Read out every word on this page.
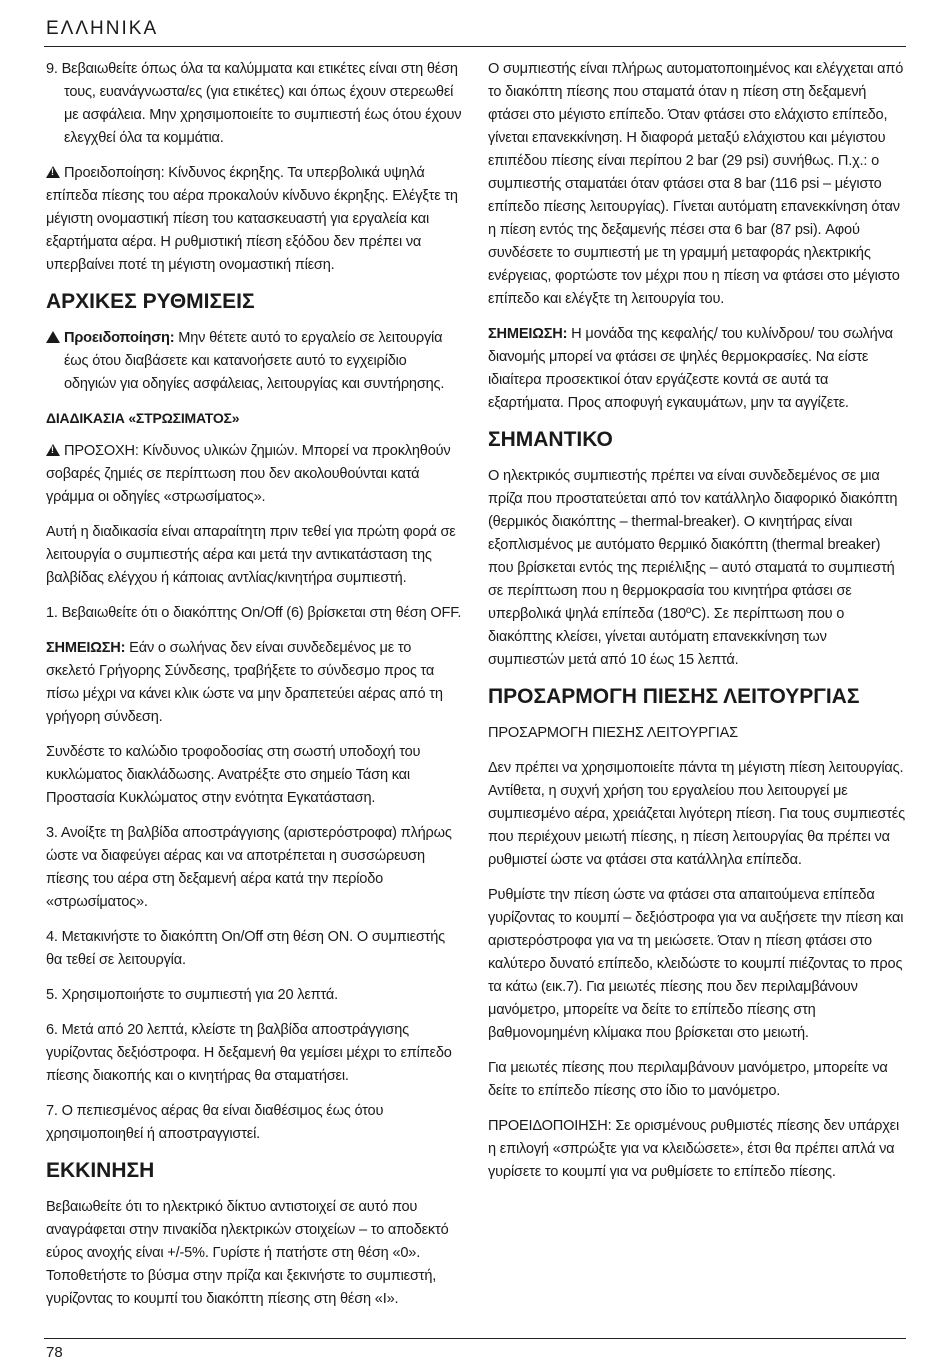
ΕΛΛΗΝΙΚΑ

9. Βεβαιωθείτε όπως όλα τα καλύμματα και ετικέτες είναι στη θέση τους, ευανάγνωστα/ες (για ετικέτες) και όπως έχουν στερεωθεί με ασφάλεια. Μην χρησιμοποιείτε το συμπιεστή έως ότου έχουν ελεγχθεί όλα τα κομμάτια.

!Προειδοποίηση: Κίνδυνος έκρηξης. Τα υπερβολικά υψηλά επίπεδα πίεσης του αέρα προκαλούν κίνδυνο έκρηξης. Ελέγξτε τη μέγιστη ονομαστική πίεση του κατασκευαστή για εργαλεία και εξαρτήματα αέρα. Η ρυθμιστική πίεση εξόδου δεν πρέπει να υπερβαίνει ποτέ τη μέγιστη ονομαστική πίεση.

ΑΡΧΙΚΕΣ ΡΥΘΜΙΣΕΙΣ

!Προειδοποίηση: Μην θέτετε αυτό το εργαλείο σε λειτουργία έως ότου διαβάσετε και κατανοήσετε αυτό το εγχειρίδιο οδηγιών για οδηγίες ασφάλειας, λειτουργίας και συντήρησης.

ΔΙΑΔΙΚΑΣΙΑ «ΣΤΡΩΣΙΜΑΤΟΣ»

!ΠΡΟΣΟΧΗ: Κίνδυνος υλικών ζημιών. Μπορεί να προκληθούν σοβαρές ζημιές σε περίπτωση που δεν ακολουθούνται κατά γράμμα οι οδηγίες «στρωσίματος».

Αυτή η διαδικασία είναι απαραίτητη πριν τεθεί για πρώτη φορά σε λειτουργία ο συμπιεστής αέρα και μετά την αντικατάσταση της βαλβίδας ελέγχου ή κάποιας αντλίας/κινητήρα συμπιεστή.

1. Βεβαιωθείτε ότι ο διακόπτης On/Off (6) βρίσκεται στη θέση OFF.

ΣΗΜΕΙΩΣΗ: Εάν ο σωλήνας δεν είναι συνδεδεμένος με το σκελετό Γρήγορης Σύνδεσης, τραβήξετε το σύνδεσμο προς τα πίσω μέχρι να κάνει κλικ ώστε να μην δραπετεύει αέρας από τη γρήγορη σύνδεση.

Συνδέστε το καλώδιο τροφοδοσίας στη σωστή υποδοχή του κυκλώματος διακλάδωσης. Ανατρέξτε στο σημείο Τάση και Προστασία Κυκλώματος στην ενότητα Εγκατάσταση.

3. Ανοίξτε τη βαλβίδα αποστράγγισης (αριστερόστροφα) πλήρως ώστε να διαφεύγει αέρας και να αποτρέπεται η συσσώρευση πίεσης του αέρα στη δεξαμενή αέρα κατά την περίοδο «στρωσίματος».

4. Μετακινήστε το διακόπτη On/Off στη θέση ON. Ο συμπιεστής θα τεθεί σε λειτουργία.

5. Χρησιμοποιήστε το συμπιεστή για 20 λεπτά.

6. Μετά από 20 λεπτά, κλείστε τη βαλβίδα αποστράγγισης γυρίζοντας δεξιόστροφα. Η δεξαμενή θα γεμίσει μέχρι το επίπεδο πίεσης διακοπής και ο κινητήρας θα σταματήσει.

7. Ο πεπιεσμένος αέρας θα είναι διαθέσιμος έως ότου χρησιμοποιηθεί ή αποστραγγιστεί.

ΕΚΚΙΝΗΣΗ

Βεβαιωθείτε ότι το ηλεκτρικό δίκτυο αντιστοιχεί σε αυτό που αναγράφεται στην πινακίδα ηλεκτρικών στοιχείων – το αποδεκτό εύρος ανοχής είναι +/-5%. Γυρίστε ή πατήστε στη θέση «0». Τοποθετήστε το βύσμα στην πρίζα και ξεκινήστε το συμπιεστή, γυρίζοντας το κουμπί του διακόπτη πίεσης στη θέση «I».

Ο συμπιεστής είναι πλήρως αυτοματοποιημένος και ελέγχεται από το διακόπτη πίεσης που σταματά όταν η πίεση στη δεξαμενή φτάσει στο μέγιστο επίπεδο. Όταν φτάσει στο ελάχιστο επίπεδο, γίνεται επανεκκίνηση. Η διαφορά μεταξύ ελάχιστου και μέγιστου επιπέδου πίεσης είναι περίπου 2 bar (29 psi) συνήθως. Π.χ.: ο συμπιεστής σταματάει όταν φτάσει στα 8 bar (116 psi – μέγιστο επίπεδο πίεσης λειτουργίας). Γίνεται αυτόματη επανεκκίνηση όταν η πίεση εντός της δεξαμενής πέσει στα 6 bar (87 psi). Αφού συνδέσετε το συμπιεστή με τη γραμμή μεταφοράς ηλεκτρικής ενέργειας, φορτώστε τον μέχρι που η πίεση να φτάσει στο μέγιστο επίπεδο και ελέγξτε τη λειτουργία του.

ΣΗΜΕΙΩΣΗ: Η μονάδα της κεφαλής/ του κυλίνδρου/ του σωλήνα διανομής μπορεί να φτάσει σε ψηλές θερμοκρασίες. Να είστε ιδιαίτερα προσεκτικοί όταν εργάζεστε κοντά σε αυτά τα εξαρτήματα. Προς αποφυγή εγκαυμάτων, μην τα αγγίζετε.

ΣΗΜΑΝΤΙΚΟ

Ο ηλεκτρικός συμπιεστής πρέπει να είναι συνδεδεμένος σε μια πρίζα που προστατεύεται από τον κατάλληλο διαφορικό διακόπτη (θερμικός διακόπτης – thermal-breaker). Ο κινητήρας είναι εξοπλισμένος με αυτόματο θερμικό διακόπτη (thermal breaker) που βρίσκεται εντός της περιέλιξης – αυτό σταματά το συμπιεστή σε περίπτωση που η θερμοκρασία του κινητήρα φτάσει σε υπερβολικά ψηλά επίπεδα (180ºC). Σε περίπτωση που ο διακόπτης κλείσει, γίνεται αυτόματη επανεκκίνηση των συμπιεστών μετά από 10 έως 15 λεπτά.

ΠΡΟΣΑΡΜΟΓΗ ΠΙΕΣΗΣ ΛΕΙΤΟΥΡΓΙΑΣ

ΠΡΟΣΑΡΜΟΓΗ ΠΙΕΣΗΣ ΛΕΙΤΟΥΡΓΙΑΣ

Δεν πρέπει να χρησιμοποιείτε πάντα τη μέγιστη πίεση λειτουργίας. Αντίθετα, η συχνή χρήση του εργαλείου που λειτουργεί με συμπιεσμένο αέρα, χρειάζεται λιγότερη πίεση. Για τους συμπιεστές που περιέχουν μειωτή πίεσης, η πίεση λειτουργίας θα πρέπει να ρυθμιστεί ώστε να φτάσει στα κατάλληλα επίπεδα.

Ρυθμίστε την πίεση ώστε να φτάσει στα απαιτούμενα επίπεδα γυρίζοντας το κουμπί – δεξιόστροφα για να αυξήσετε την πίεση και αριστερόστροφα για να τη μειώσετε. Όταν η πίεση φτάσει στο καλύτερο δυνατό επίπεδο, κλειδώστε το κουμπί πιέζοντας το προς τα κάτω (εικ.7). Για μειωτές πίεσης που δεν περιλαμβάνουν μανόμετρο, μπορείτε να δείτε το επίπεδο πίεσης στη βαθμονομημένη κλίμακα που βρίσκεται στο μειωτή.

Για μειωτές πίεσης που περιλαμβάνουν μανόμετρο, μπορείτε να δείτε το επίπεδο πίεσης στο ίδιο το μανόμετρο.

ΠΡΟΕΙΔΟΠΟΙΗΣΗ: Σε ορισμένους ρυθμιστές πίεσης δεν υπάρχει η επιλογή «σπρώξτε για να κλειδώσετε», έτσι θα πρέπει απλά να γυρίσετε το κουμπί για να ρυθμίσετε το επίπεδο πίεσης.

78
